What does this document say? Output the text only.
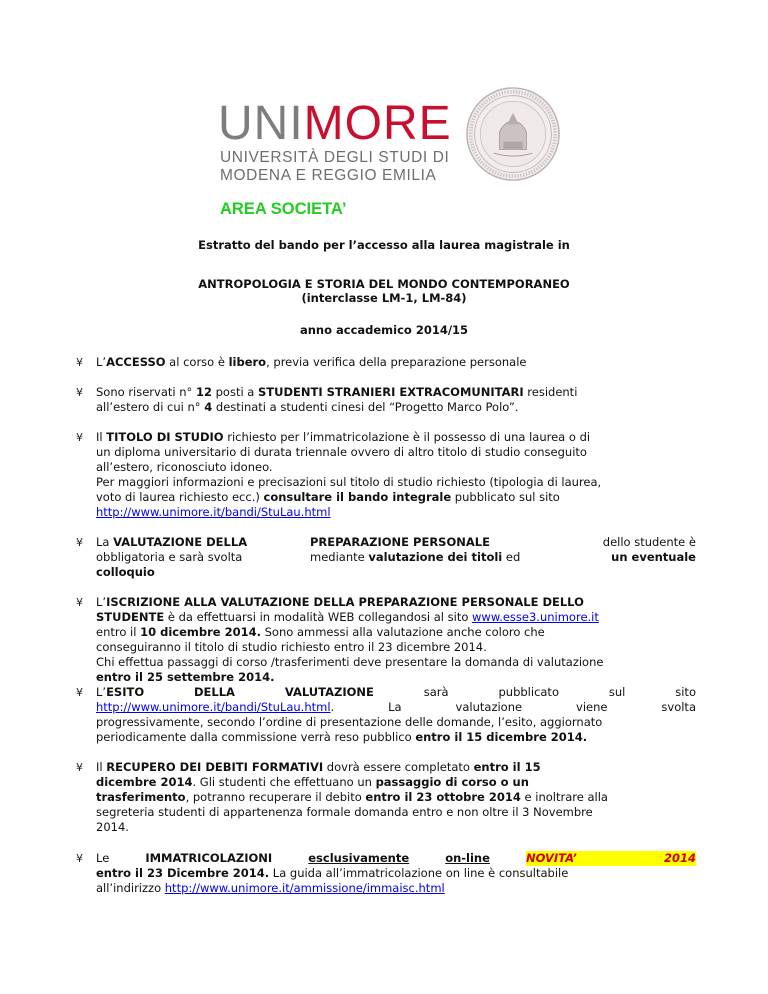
UNIMORE
UNIVERSITÀ DEGLI STUDI DI
MODENA E REGGIO EMILIA
AREA SOCIETA’
Estratto del bando per l’accesso alla laurea magistrale in
ANTROPOLOGIA E STORIA DEL MONDO CONTEMPORANEO
(interclasse LM-1, LM-84)
anno accademico 2014/15
¥ L’ACCESSO al corso è libero, previa verifica della preparazione personale
¥ Sono riservati n° 12 posti a STUDENTI STRANIERI EXTRACOMUNITARI residenti
all’estero di cui n° 4 destinati a studenti cinesi del “Progetto Marco Polo”.
¥ Il TITOLO DI STUDIO richiesto per l’immatricolazione è il possesso di una laurea o di
un diploma universitario di durata triennale ovvero di altro titolo di studio conseguito
all’estero, riconosciuto idoneo.
Per maggiori informazioni e precisazioni sul titolo di studio richiesto (tipologia di laurea,
voto di laurea richiesto ecc.) consultare il bando integrale pubblicato sul sito
http://www.unimore.it/bandi/StuLau.html
¥ La VALUTAZIONE DELLA
obbligatoria e sarà svolta
PREPARAZIONE PERSONALE	dello studente è
mediante valutazione dei titoli ed	un eventuale
colloquio
¥ L’ISCRIZIONE ALLA VALUTAZIONE DELLA PREPARAZIONE PERSONALE DELLO
STUDENTE è da effettuarsi in modalità WEB collegandosi al sito www.esse3.unimore.it
entro il 10 dicembre 2014. Sono ammessi alla valutazione anche coloro che
conseguiranno il titolo di studio richiesto entro il 23 dicembre 2014.
Chi effettua passaggi di corso /trasferimenti deve presentare la domanda di valutazione
entro il 25 settembre 2014.
¥ L’ESITO	DELLA	VALUTAZIONE	sarà	pubblicato	sul	sito
http://www.unimore.it/bandi/StuLau.html.	La	valutazione	viene	svolta
progressivamente, secondo l’ordine di presentazione delle domande, l’esito, aggiornato
periodicamente dalla commissione verrà reso pubblico entro il 15 dicembre 2014.
¥ Il RECUPERO DEI DEBITI FORMATIVI dovrà essere completato entro il 15
dicembre 2014. Gli studenti che effettuano un passaggio di corso o un
trasferimento, potranno recuperare il debito entro il 23 ottobre 2014 e inoltrare alla
segreteria studenti di appartenenza formale domanda entro e non oltre il 3 Novembre
2014.
¥ Le	IMMATRICOLAZIONI	esclusivamente	on-line	NOVITA’	2014
entro il 23 Dicembre 2014. La guida all’immatricolazione on line è consultabile
all’indirizzo http://www.unimore.it/ammissione/immaisc.html
